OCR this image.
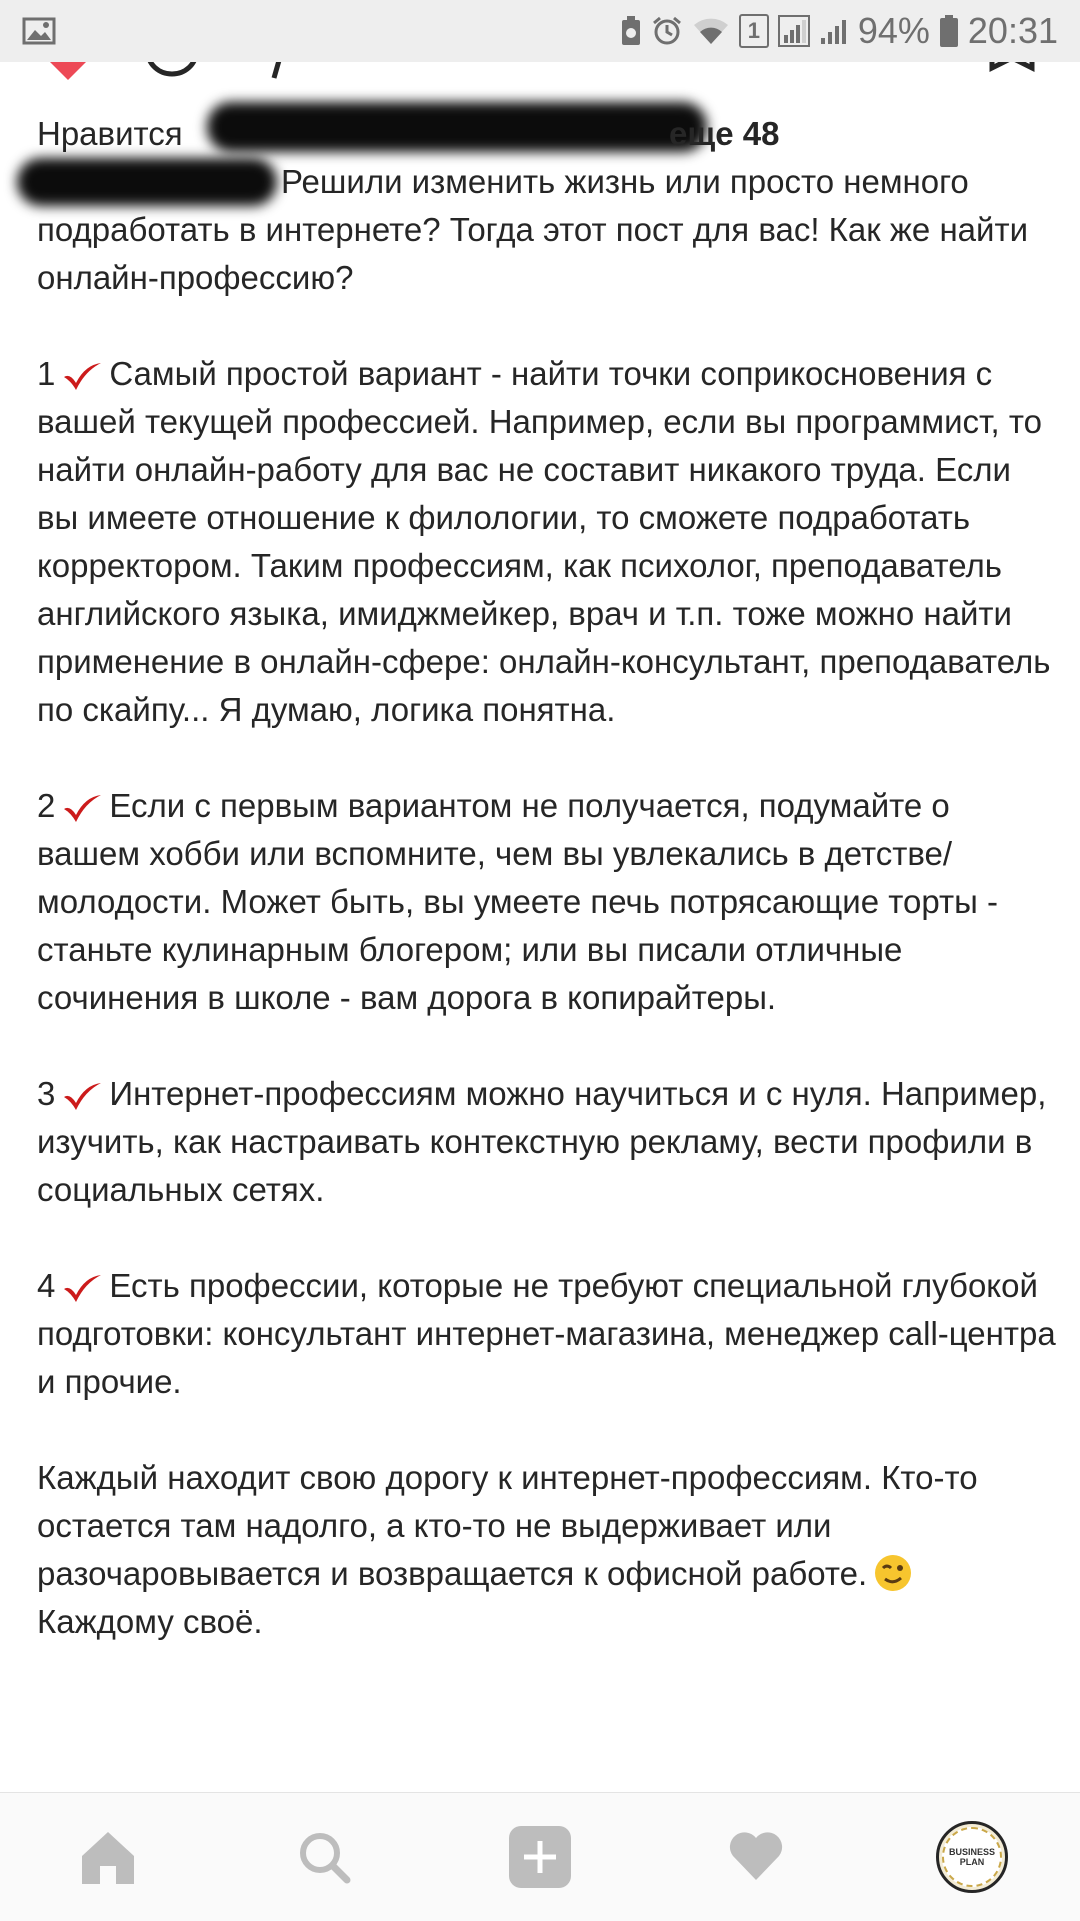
1	94% 20:31
Нравится	еще 48

Решили изменить жизнь или просто немного подработать в интернете? Тогда этот пост для вас! Как же найти онлайн-профессию?

1 Самый простой вариант - найти точки соприкосновения с вашей текущей профессией. Например, если вы программист, то найти онлайн-работу для вас не составит никакого труда. Если вы имеете отношение к филологии, то сможете подработать корректором. Таким профессиям, как психолог, преподаватель английского языка, имиджмейкер, врач и т.п. тоже можно найти применение в онлайн-сфере: онлайн-консультант, преподаватель по скайпу... Я думаю, логика понятна.

2 Если с первым вариантом не получается, подумайте о вашем хобби или вспомните, чем вы увлекались в детстве/молодости. Может быть, вы умеете печь потрясающие торты - станьте кулинарным блогером; или вы писали отличные сочинения в школе - вам дорога в копирайтеры.

3 Интернет-профессиям можно научиться и с нуля. Например, изучить, как настраивать контекстную рекламу, вести профили в социальных сетях.

4 Есть профессии, которые не требуют специальной глубокой подготовки: консультант интернет-магазина, менеджер call-центра и прочие.

Каждый находит свою дорогу к интернет-профессиям. Кто-то остается там надолго, а кто-то не выдерживает или разочаровывается и возвращается к офисной работе.

Каждому своё.

BUSINESS PLAN
